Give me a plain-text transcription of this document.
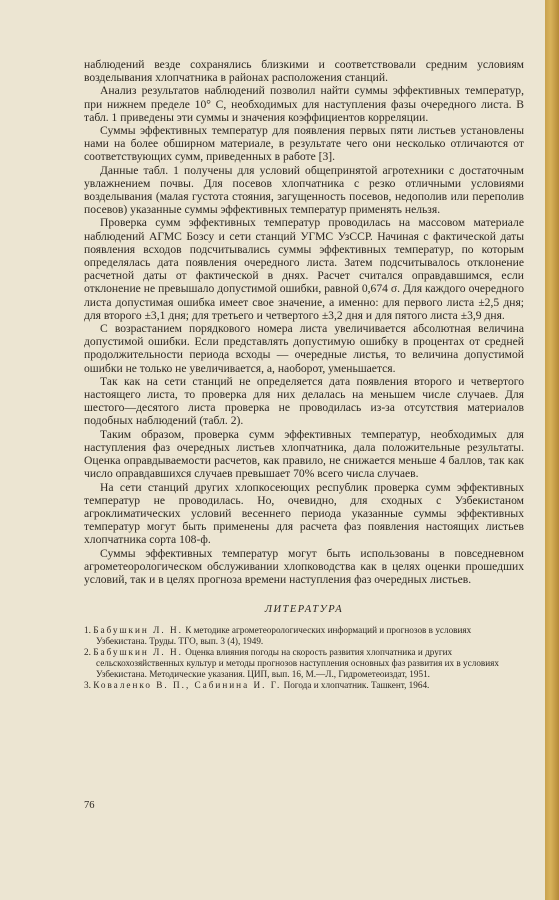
наблюдений везде сохранялись близкими и соответствовали средним условиям возделывания хлопчатника в районах расположения станций.

Анализ результатов наблюдений позволил найти суммы эффективных температур, при нижнем пределе 10° С, необходимых для наступления фазы очередного листа. В табл. 1 приведены эти суммы и значения коэффициентов корреляции.

Суммы эффективных температур для появления первых пяти листьев установлены нами на более обширном материале, в результате чего они несколько отличаются от соответствующих сумм, приведенных в работе [3].

Данные табл. 1 получены для условий общепринятой агротехники с достаточным увлажнением почвы. Для посевов хлопчатника с резко отличными условиями возделывания (малая густота стояния, загущенность посевов, недополив или переполив посевов) указанные суммы эффективных температур применять нельзя.

Проверка сумм эффективных температур проводилась на массовом материале наблюдений АГМС Бозсу и сети станций УГМС УзССР. Начиная с фактической даты появления всходов подсчитывались суммы эффективных температур, по которым определялась дата появления очередного листа. Затем подсчитывалось отклонение расчетной даты от фактической в днях. Расчет считался оправдавшимся, если отклонение не превышало допустимой ошибки, равной 0,674 σ. Для каждого очередного листа допустимая ошибка имеет свое значение, а именно: для первого листа ±2,5 дня; для второго ±3,1 дня; для третьего и четвертого ±3,2 дня и для пятого листа ±3,9 дня.

С возрастанием порядкового номера листа увеличивается абсолютная величина допустимой ошибки. Если представлять допустимую ошибку в процентах от средней продолжительности периода всходы — очередные листья, то величина допустимой ошибки не только не увеличивается, а, наоборот, уменьшается.

Так как на сети станций не определяется дата появления второго и четвертого настоящего листа, то проверка для них делалась на меньшем числе случаев. Для шестого—десятого листа проверка не проводилась из-за отсутствия материалов подобных наблюдений (табл. 2).

Таким образом, проверка сумм эффективных температур, необходимых для наступления фаз очередных листьев хлопчатника, дала положительные результаты. Оценка оправдываемости расчетов, как правило, не снижается меньше 4 баллов, так как число оправдавшихся случаев превышает 70% всего числа случаев.

На сети станций других хлопкосеющих республик проверка сумм эффективных температур не проводилась. Но, очевидно, для сходных с Узбекистаном агроклиматических условий весеннего периода указанные суммы эффективных температур могут быть применены для расчета фаз появления настоящих листьев хлопчатника сорта 108-ф.

Суммы эффективных температур могут быть использованы в повседневном агрометеорологическом обслуживании хлопководства как в целях оценки прошедших условий, так и в целях прогноза времени наступления фаз очередных листьев.

ЛИТЕРАТУРА
1. Бабушкин Л. Н. К методике агрометеорологических информаций и прогнозов в условиях Узбекистана. Труды. ТГО, вып. 3 (4), 1949.
2. Бабушкин Л. Н. Оценка влияния погоды на скорость развития хлопчатника и других сельскохозяйственных культур и методы прогнозов наступления основных фаз развития их в условиях Узбекистана. Методические указания. ЦИП, вып. 16, М.—Л., Гидрометеоиздат, 1951.
3. Коваленко В. П., Сабинина И. Г. Погода и хлопчатник. Ташкент, 1964.
76
